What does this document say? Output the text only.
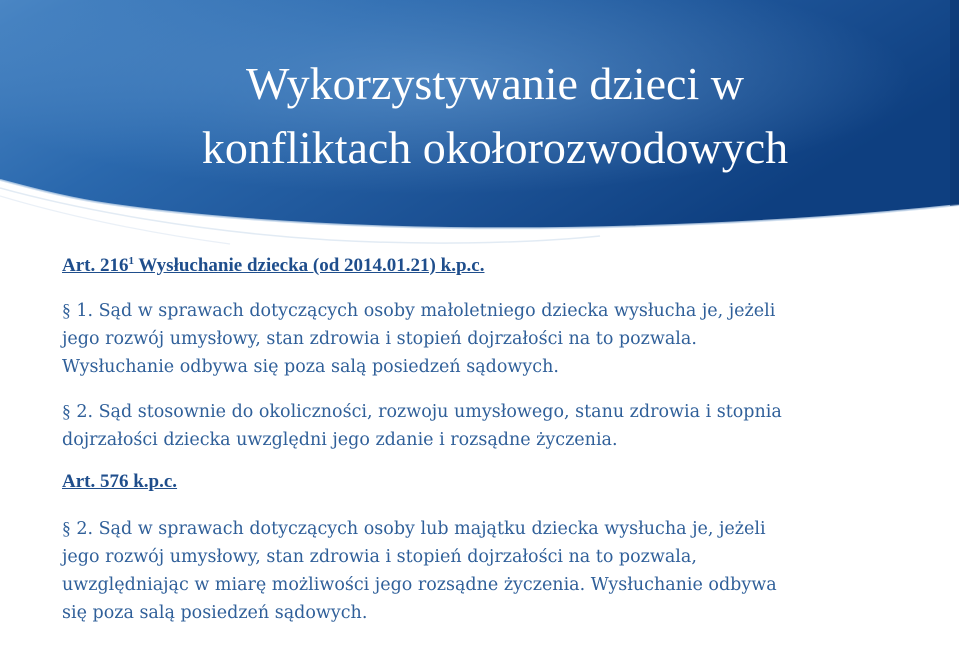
Wykorzystywanie dzieci w
konfliktach okołorozwodowych

Art. $216^1$ Wysłuchanie dziecka (od 2014.01.21) k.p.c.

§ 1. Sąd w sprawach dotyczących osoby małoletniego dziecka wysłucha je, jeżeli
jego rozwój umysłowy, stan zdrowia i stopień dojrzałości na to pozwala.
Wysłuchanie odbywa się poza salą posiedzeń sądowych.

§ 2. Sąd stosownie do okoliczności, rozwoju umysłowego, stanu zdrowia i stopnia
dojrzałości dziecka uwzględni jego zdanie i rozsądne życzenia.

Art. 576 k.p.c.

§ 2. Sąd w sprawach dotyczących osoby lub majątku dziecka wysłucha je, jeżeli
jego rozwój umysłowy, stan zdrowia i stopień dojrzałości na to pozwala,
uwzględniając w miarę możliwości jego rozsądne życzenia. Wysłuchanie odbywa
się poza salą posiedzeń sądowych.
